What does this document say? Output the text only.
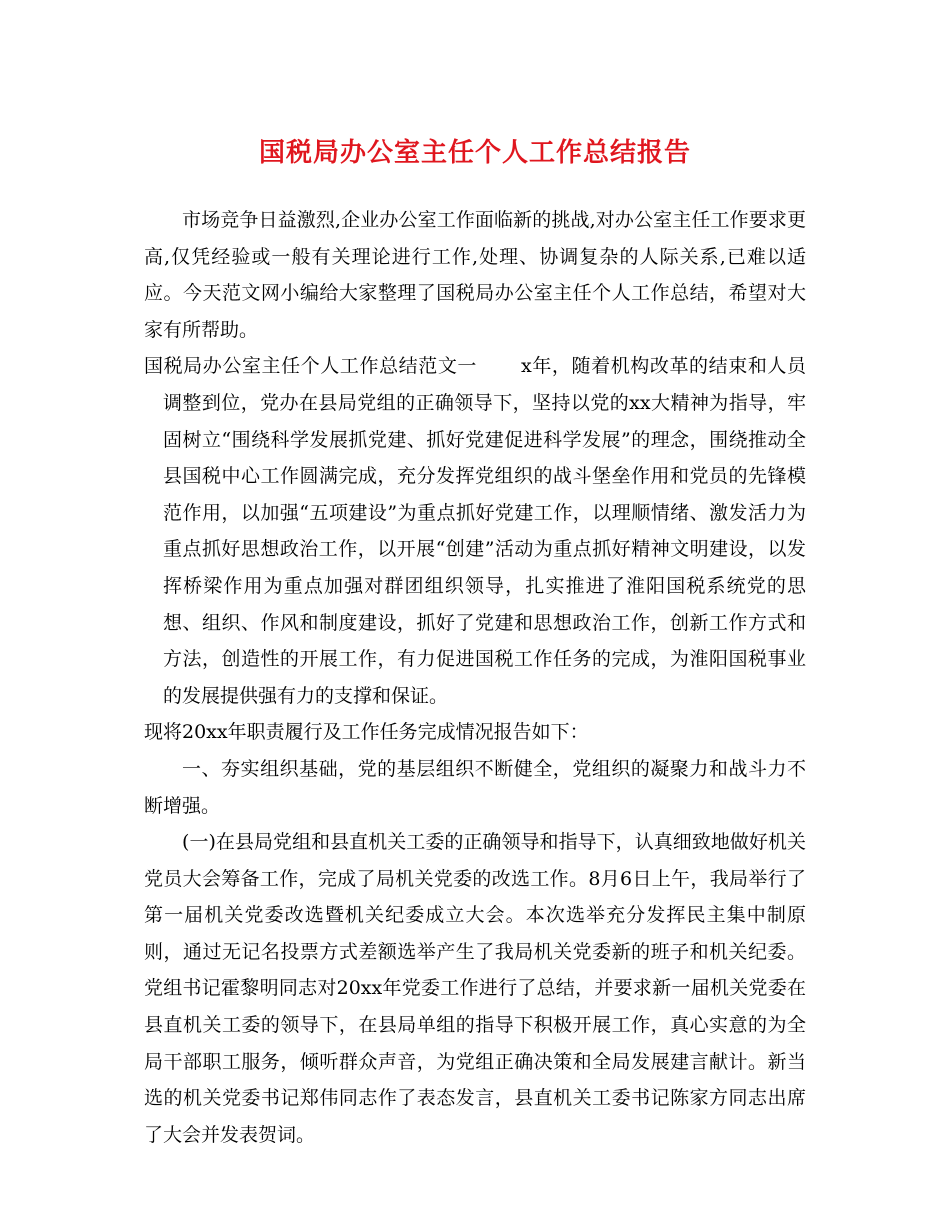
国税局办公室主任个人工作总结报告

市场竞争日益激烈,企业办公室工作面临新的挑战,对办公室主任工作要求更高,仅凭经验或一般有关理论进行工作,处理、协调复杂的人际关系,已难以适应。今天范文网小编给大家整理了国税局办公室主任个人工作总结，希望对大家有所帮助。

国税局办公室主任个人工作总结范文一 x年，随着机构改革的结束和人员调整到位，党办在县局党组的正确领导下，坚持以党的xx大精神为指导，牢固树立“围绕科学发展抓党建、抓好党建促进科学发展”的理念，围绕推动全县国税中心工作圆满完成，充分发挥党组织的战斗堡垒作用和党员的先锋模范作用，以加强“五项建设”为重点抓好党建工作，以理顺情绪、激发活力为重点抓好思想政治工作，以开展“创建”活动为重点抓好精神文明建设，以发挥桥梁作用为重点加强对群团组织领导，扎实推进了淮阳国税系统党的思想、组织、作风和制度建设，抓好了党建和思想政治工作，创新工作方式和方法，创造性的开展工作，有力促进国税工作任务的完成，为淮阳国税事业的发展提供强有力的支撑和保证。

现将20xx年职责履行及工作任务完成情况报告如下：

一、夯实组织基础，党的基层组织不断健全，党组织的凝聚力和战斗力不断增强。

(一)在县局党组和县直机关工委的正确领导和指导下，认真细致地做好机关党员大会筹备工作，完成了局机关党委的改选工作。8月6日上午，我局举行了第一届机关党委改选暨机关纪委成立大会。本次选举充分发挥民主集中制原则，通过无记名投票方式差额选举产生了我局机关党委新的班子和机关纪委。党组书记霍黎明同志对20xx年党委工作进行了总结，并要求新一届机关党委在县直机关工委的领导下，在县局单组的指导下积极开展工作，真心实意的为全局干部职工服务，倾听群众声音，为党组正确决策和全局发展建言献计。新当选的机关党委书记郑伟同志作了表态发言，县直机关工委书记陈家方同志出席了大会并发表贺词。
